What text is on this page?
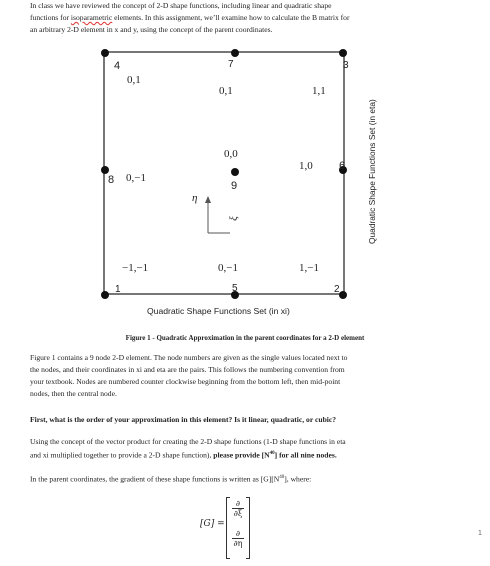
In class we have reviewed the concept of 2-D shape functions, including linear and quadratic shape
functions for isoparametric elements. In this assignment, we’ll examine how to calculate the B matrix for
an arbitrary 2-D element in x and y, using the concept of the parent coordinates.
4	7	3
8
6
9
1	5	2
0,1
0,1	1,1
0,0
1,0
0,−1
−1,−1	0,−1	1,−1
η
ξ
Quadratic Shape Functions Set (in xi)
Quadratic Shape Functions Set (in eta)
Figure 1 - Quadratic Approximation in the parent coordinates for a 2-D element
Figure 1 contains a 9 node 2-D element. The node numbers are given as the single values located next to
the nodes, and their coordinates in xi and eta are the pairs. This follows the numbering convention from
your textbook. Nodes are numbered counter clockwise beginning from the bottom left, then mid-point
nodes, then the central node.
First, what is the order of your approximation in this element? Is it linear, quadratic, or cubic?
Using the concept of the vector product for creating the 2-D shape functions (1-D shape functions in eta
and xi multiplied together to provide a 2-D shape function), please provide $[N^{40}]$ for all nine nodes.
In the parent coordinates, the gradient of these shape functions is written as $[G][N^{40}]$, where:
[G] =
∂
∂ξ
∂
∂η
1
